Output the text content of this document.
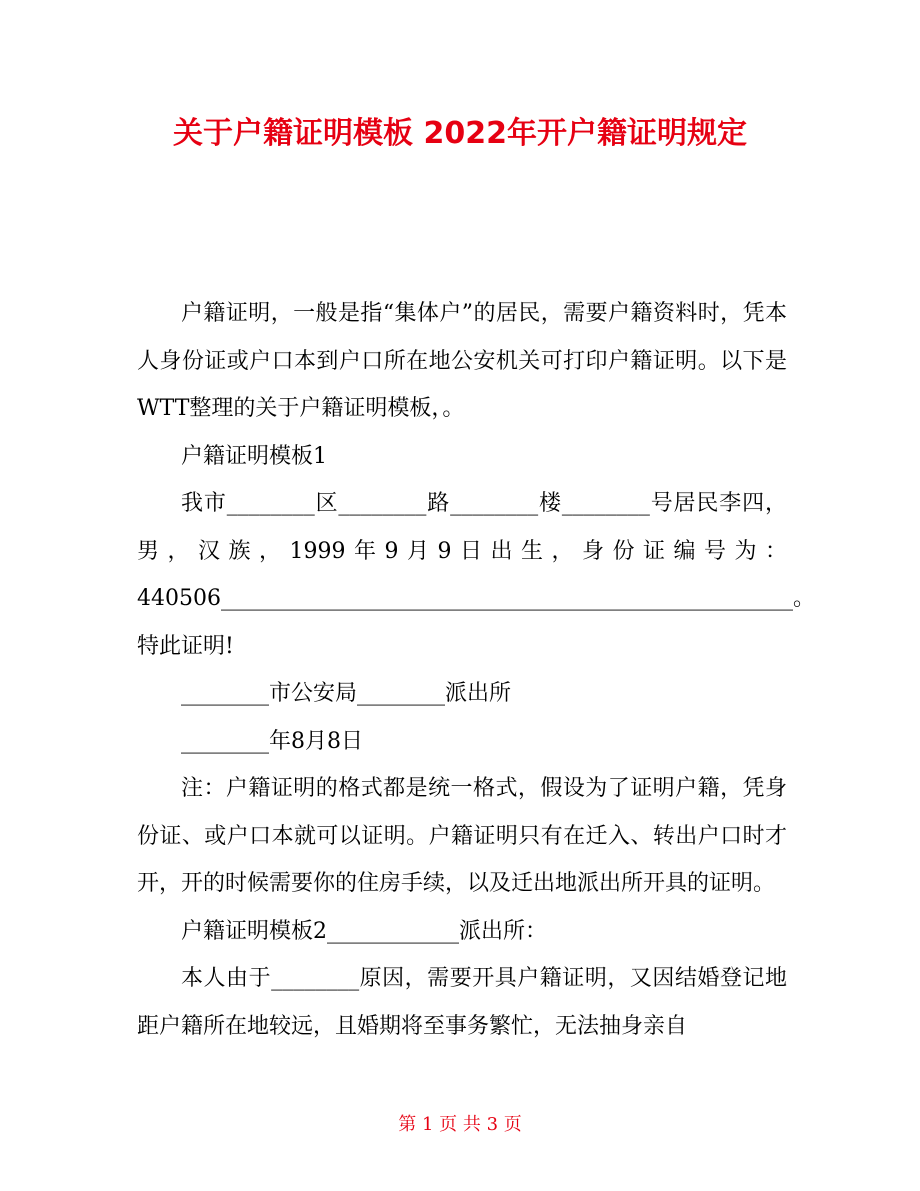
关于户籍证明模板 2022年开户籍证明规定

户籍证明，一般是指“集体户”的居民，需要户籍资料时，凭本人身份证或户口本到户口所在地公安机关可打印户籍证明。以下是WTT整理的关于户籍证明模板，。

户籍证明模板1

我市________区________路________楼________号居民李四，男，汉族，1999年9月9日出生，身份证编号为：440506____________________________________________________。

特此证明!

________市公安局________派出所

________年8月8日

注：户籍证明的格式都是统一格式，假设为了证明户籍，凭身份证、或户口本就可以证明。户籍证明只有在迁入、转出户口时才开，开的时候需要你的住房手续，以及迁出地派出所开具的证明。

户籍证明模板2____________派出所：

本人由于________原因，需要开具户籍证明，又因结婚登记地距户籍所在地较远，且婚期将至事务繁忙，无法抽身亲自

第 1 页 共 3 页
